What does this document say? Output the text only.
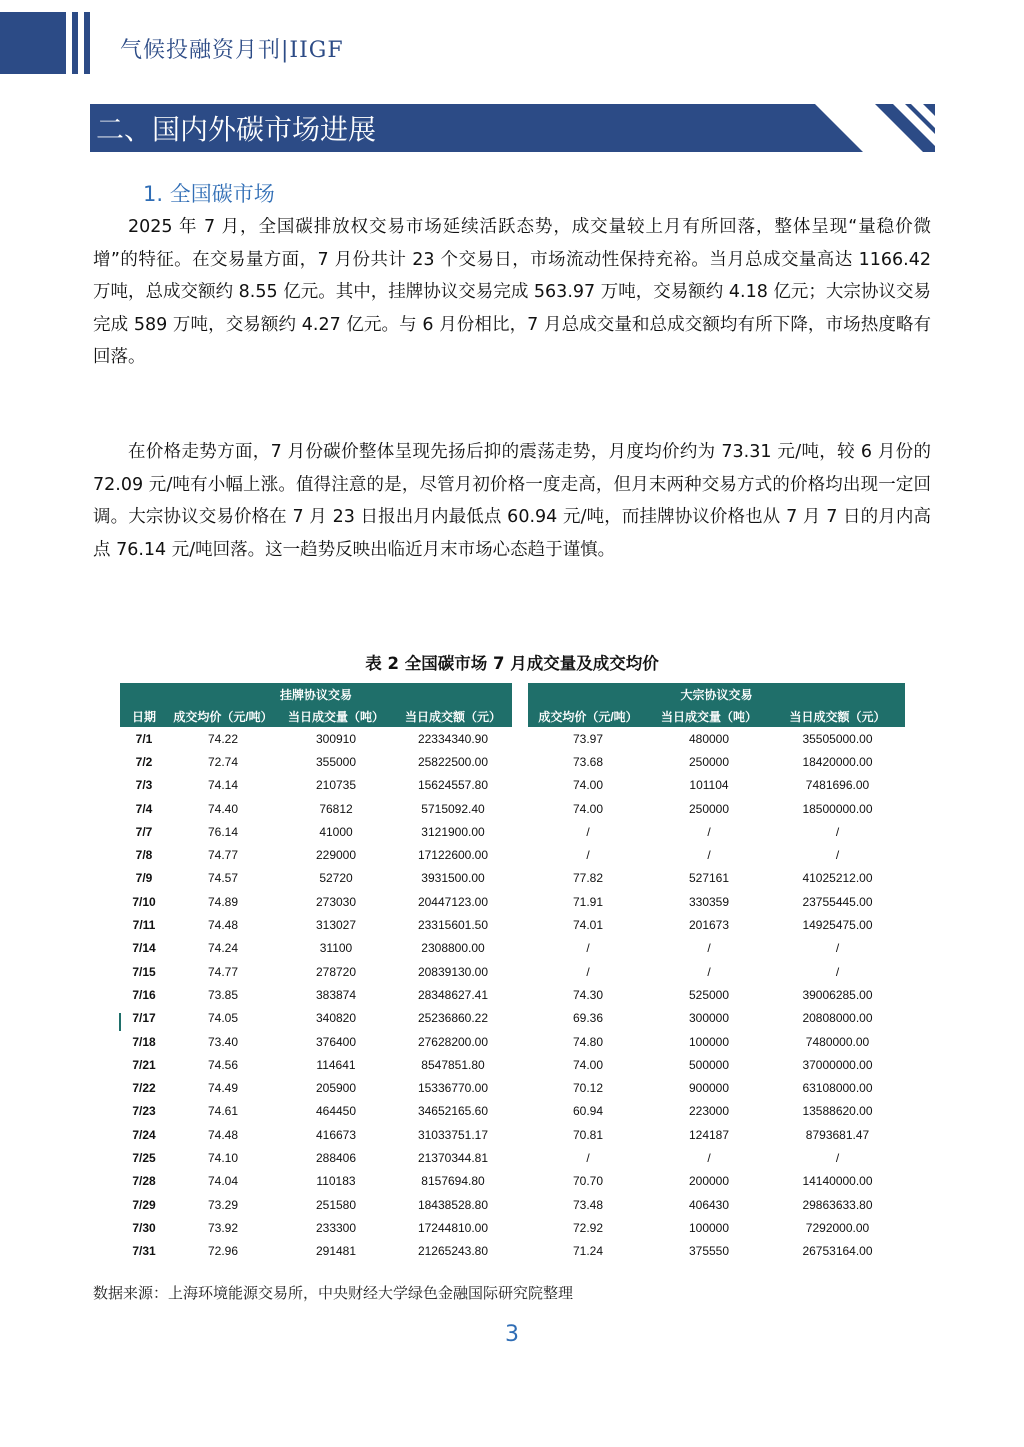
气候投融资月刊|IIGF
二、国内外碳市场进展
1. 全国碳市场

2025 年 7 月，全国碳排放权交易市场延续活跃态势，成交量较上月有所回落，整体呈现“量稳价微增”的特征。在交易量方面，7 月份共计 23 个交易日，市场流动性保持充裕。当月总成交量高达 1166.42 万吨，总成交额约 8.55 亿元。其中，挂牌协议交易完成 563.97 万吨，交易额约 4.18 亿元；大宗协议交易完成 589 万吨，交易额约 4.27 亿元。与 6 月份相比，7 月总成交量和总成交额均有所下降，市场热度略有回落。

在价格走势方面，7 月份碳价整体呈现先扬后抑的震荡走势，月度均价约为 73.31 元/吨，较 6 月份的 72.09 元/吨有小幅上涨。值得注意的是，尽管月初价格一度走高，但月末两种交易方式的价格均出现一定回调。大宗协议交易价格在 7 月 23 日报出月内最低点 60.94 元/吨，而挂牌协议价格也从 7 月 7 日的月内高点 76.14 元/吨回落。这一趋势反映出临近月末市场心态趋于谨慎。

表 2 全国碳市场 7 月成交量及成交均价
挂牌协议交易					大宗协议交易		
日期	成交均价（元/吨）	当日成交量（吨）	当日成交额（元）		成交均价（元/吨）	当日成交量（吨）	当日成交额（元）
7/1	74.22	300910	22334340.90		73.97	480000	35505000.00
7/2	72.74	355000	25822500.00		73.68	250000	18420000.00
7/3	74.14	210735	15624557.80		74.00	101104	7481696.00
7/4	74.40	76812	5715092.40		74.00	250000	18500000.00
7/7	76.14	41000	3121900.00		/	/	/
7/8	74.77	229000	17122600.00		/	/	/
7/9	74.57	52720	3931500.00		77.82	527161	41025212.00
7/10	74.89	273030	20447123.00		71.91	330359	23755445.00
7/11	74.48	313027	23315601.50		74.01	201673	14925475.00
7/14	74.24	31100	2308800.00		/	/	/
7/15	74.77	278720	20839130.00		/	/	/
7/16	73.85	383874	28348627.41		74.30	525000	39006285.00
7/17	74.05	340820	25236860.22		69.36	300000	20808000.00
7/18	73.40	376400	27628200.00		74.80	100000	7480000.00
7/21	74.56	114641	8547851.80		74.00	500000	37000000.00
7/22	74.49	205900	15336770.00		70.12	900000	63108000.00
7/23	74.61	464450	34652165.60		60.94	223000	13588620.00
7/24	74.48	416673	31033751.17		70.81	124187	8793681.47
7/25	74.10	288406	21370344.81		/	/	/
7/28	74.04	110183	8157694.80		70.70	200000	14140000.00
7/29	73.29	251580	18438528.80		73.48	406430	29863633.80
7/30	73.92	233300	17244810.00		72.92	100000	7292000.00
7/31	72.96	291481	21265243.80		71.24	375550	26753164.00
数据来源：上海环境能源交易所，中央财经大学绿色金融国际研究院整理
3
